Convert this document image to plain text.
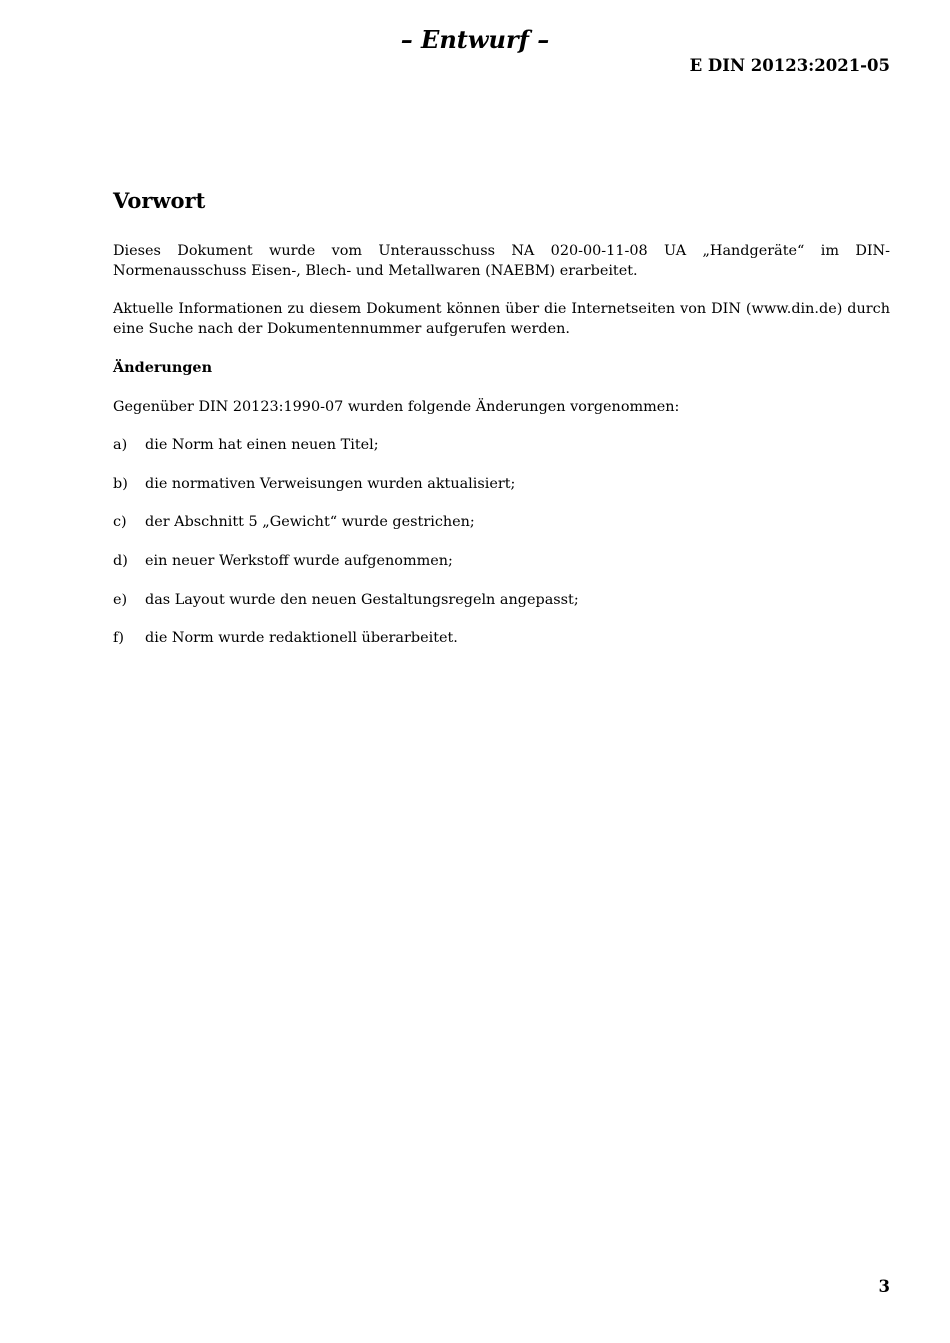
– Entwurf –
E DIN 20123:2021-05
Vorwort

Dieses Dokument wurde vom Unterausschuss NA 020-00-11-08 UA „Handgeräte“ im DIN-Normenausschuss Eisen-, Blech- und Metallwaren (NAEBM) erarbeitet.

Aktuelle Informationen zu diesem Dokument können über die Internetseiten von DIN (www.din.de) durch eine Suche nach der Dokumentennummer aufgerufen werden.

Änderungen

Gegenüber DIN 20123:1990-07 wurden folgende Änderungen vorgenommen:

a)	die Norm hat einen neuen Titel;
b)	die normativen Verweisungen wurden aktualisiert;
c)	der Abschnitt 5 „Gewicht“ wurde gestrichen;
d)	ein neuer Werkstoff wurde aufgenommen;
e)	das Layout wurde den neuen Gestaltungsregeln angepasst;
f)	die Norm wurde redaktionell überarbeitet.
3
